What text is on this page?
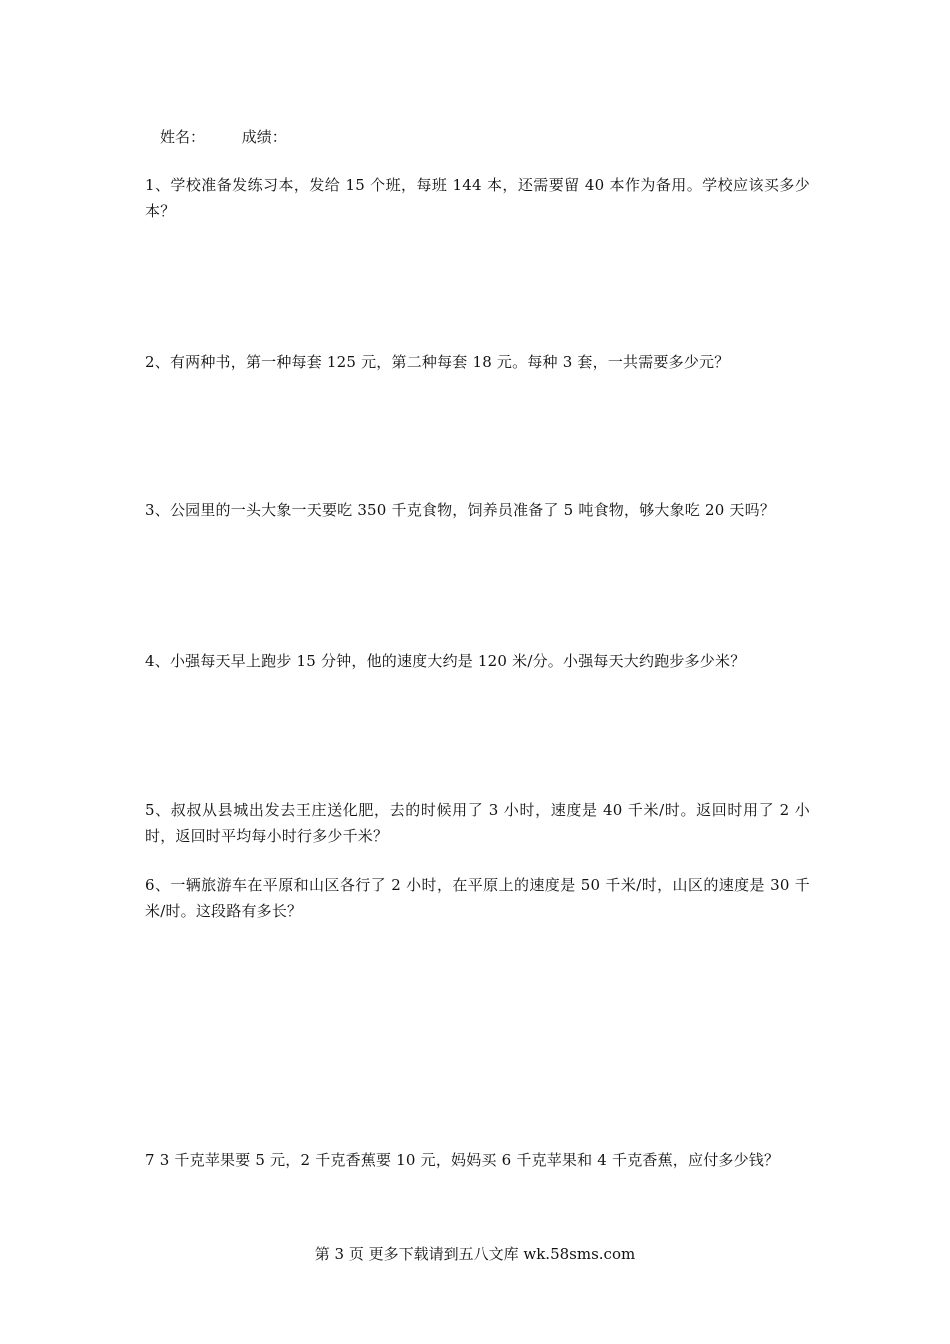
姓名： 成绩：
1、学校准备发练习本，发给 15 个班，每班 144 本，还需要留 40 本作为备用。学校应该买多少本？
2、有两种书，第一种每套 125 元，第二种每套 18 元。每种 3 套，一共需要多少元？
3、公园里的一头大象一天要吃 350 千克食物，饲养员准备了 5 吨食物，够大象吃 20 天吗？
4、小强每天早上跑步 15 分钟，他的速度大约是 120 米/分。小强每天大约跑步多少米？
5、叔叔从县城出发去王庄送化肥，去的时候用了 3 小时，速度是 40 千米/时。返回时用了 2 小时，返回时平均每小时行多少千米？
6、一辆旅游车在平原和山区各行了 2 小时，在平原上的速度是 50 千米/时，山区的速度是 30 千米/时。这段路有多长？
7 3 千克苹果要 5 元，2 千克香蕉要 10 元，妈妈买 6 千克苹果和 4 千克香蕉，应付多少钱？
第 3 页 更多下载请到五八文库 wk.58sms.com
